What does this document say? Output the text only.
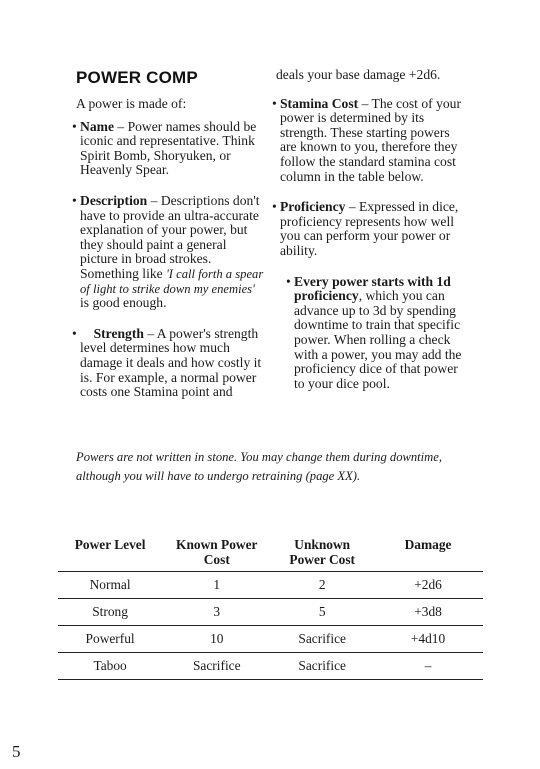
POWER COMP

A power is made of:

• Name – Power names should be iconic and representative. Think Spirit Bomb, Shoryuken, or Heavenly Spear.
• Description – Descriptions don't have to provide an ultra-accurate explanation of your power, but they should paint a general picture in broad strokes. Something like 'I call forth a spear of light to strike down my enemies' is good enough.
• Strength – A power's strength level determines how much damage it deals and how costly it is. For example, a normal power costs one Stamina point and

deals your base damage +2d6.

• Stamina Cost – The cost of your power is determined by its strength. These starting powers are known to you, therefore they follow the standard stamina cost column in the table below.
• Proficiency – Expressed in dice, proficiency represents how well you can perform your power or ability.
• Every power starts with 1d proficiency, which you can advance up to 3d by spending downtime to train that specific power. When rolling a check with a power, you may add the proficiency dice of that power to your dice pool.

Powers are not written in stone. You may change them during downtime, although you will have to undergo retraining (page XX).

Power Level	Known Power Cost	Unknown Power Cost	Damage
Normal	1	2	+2d6
Strong	3	5	+3d8
Powerful	10	Sacrifice	+4d10
Taboo	Sacrifice	Sacrifice	–
5
